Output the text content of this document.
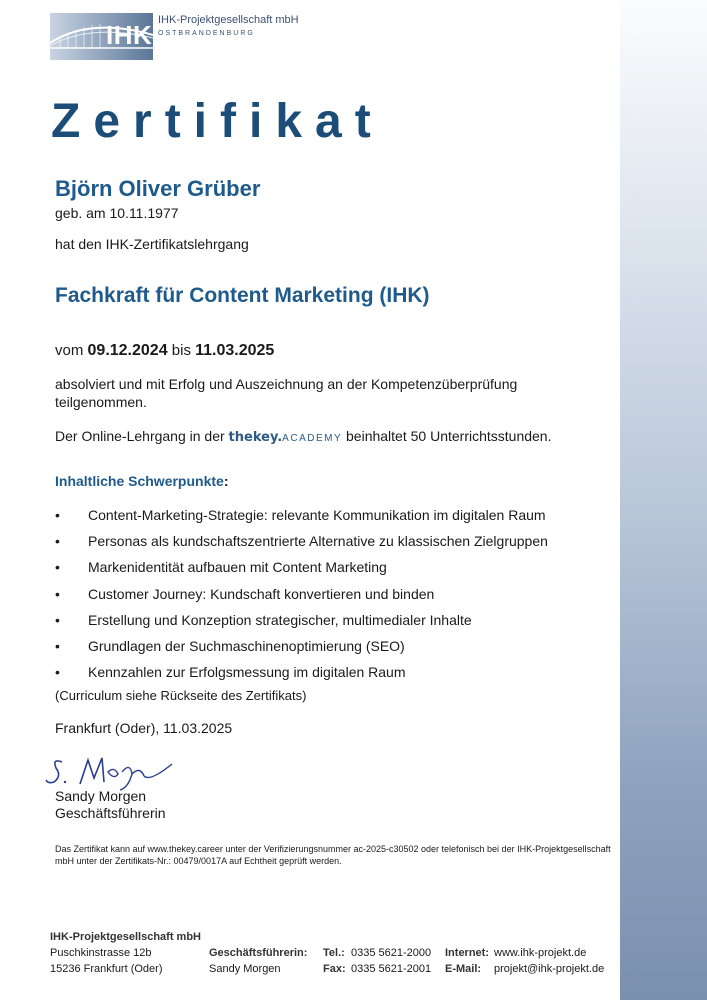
IHK IHK-Projektgesellschaft mbH
OSTBRANDENBURG
Zertifikat
Björn Oliver Grüber
geb. am 10.11.1977
hat den IHK-Zertifikatslehrgang
Fachkraft für Content Marketing (IHK)
vom 09.12.2024 bis 11.03.2025
absolviert und mit Erfolg und Auszeichnung an der Kompetenzüberprüfung teilgenommen.
Der Online-Lehrgang in der thekey.ACADEMY beinhaltet 50 Unterrichtsstunden.
Inhaltliche Schwerpunkte:
• Content-Marketing-Strategie: relevante Kommunikation im digitalen Raum
• Personas als kundschaftszentrierte Alternative zu klassischen Zielgruppen
• Markenidentität aufbauen mit Content Marketing
• Customer Journey: Kundschaft konvertieren und binden
• Erstellung und Konzeption strategischer, multimedialer Inhalte
• Grundlagen der Suchmaschinenoptimierung (SEO)
• Kennzahlen zur Erfolgsmessung im digitalen Raum
(Curriculum siehe Rückseite des Zertifikats)
Frankfurt (Oder), 11.03.2025
Sandy Morgen
Geschäftsführerin
Das Zertifikat kann auf www.thekey.career unter der Verifizierungsnummer ac-2025-c30502 oder telefonisch bei der IHK-Projektgesellschaft mbH unter der Zertifikats-Nr.: 00479/0017A auf Echtheit geprüft werden.
IHK-Projektgesellschaft mbH
Puschkinstrasse 12b
15236 Frankfurt (Oder)
Geschäftsführerin:
Sandy Morgen
Tel.:
Fax:
0335 5621-2000
0335 5621-2001
Internet:
E-Mail:
www.ihk-projekt.de
projekt@ihk-projekt.de
